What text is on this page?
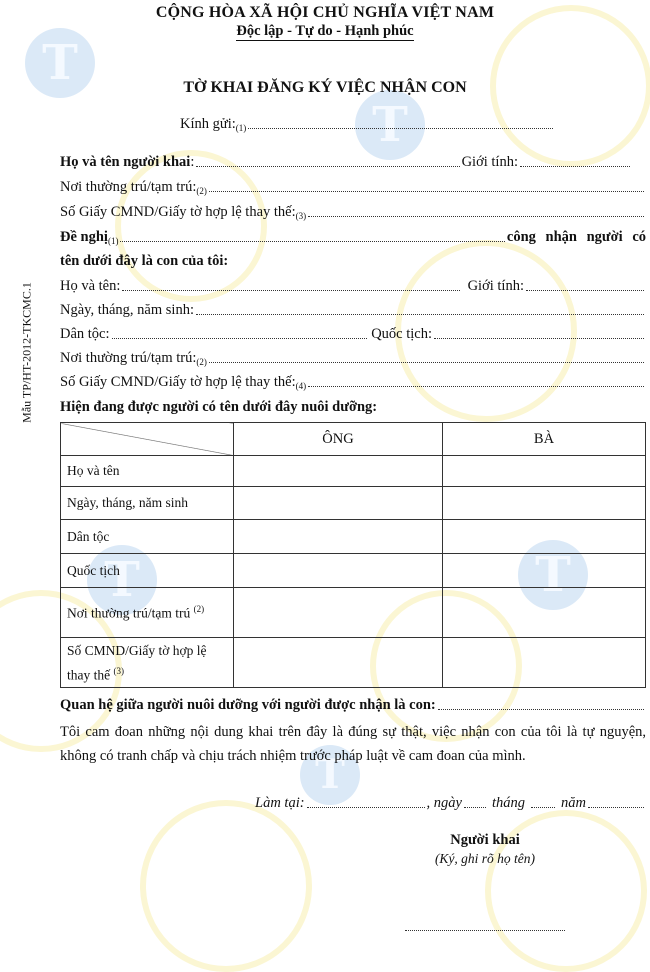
T
T
T	T
T
Mẫu TP/HT-2012-TKCMC.1
CỘNG HÒA XÃ HỘI CHỦ NGHĨA VIỆT NAM
Độc lập - Tự do - Hạnh phúc
TỜ KHAI ĐĂNG KÝ VIỆC NHẬN CON
Kính $gửi:_{(1)}$
Họ và tên người khai :	Giới tính :
Nơi thường trú/tạm $trú:_{(2)}$
Số Giấy CMND/Giấy tờ hợp lệ thay $thế:_{(3)}$
Đề nghị$_{(1)}$	công nhận người có
tên dưới đây là con của tôi:
Họ và tên:	Giới tính:
Ngày, tháng, năm sinh:
Dân tộc:	Quốc tịch:
Nơi thường trú/tạm $trú:_{(2)}$
Số Giấy CMND/Giấy tờ hợp lệ thay $thế:_{(4)}$
Hiện đang được người có tên dưới đây nuôi dưỡng:
	ÔNG	BÀ
Họ và tên		
Ngày, tháng, năm sinh		
Dân tộc		
Quốc tịch		
Nơi thường trú/tạm trú $^{(2)}$		
Số CMND/Giấy tờ hợp lệ thay thế $^{(3)}$		
Quan hệ giữa người nuôi dưỡng với người được nhận là con:
Tôi cam đoan những nội dung khai trên đây là đúng sự thật, việc nhận con của tôi là tự nguyện, không có tranh chấp và chịu trách nhiệm trước pháp luật về cam đoan của mình.
Làm tại:	, ngày tháng năm
Người khai
(Ký, ghi rõ họ tên)
